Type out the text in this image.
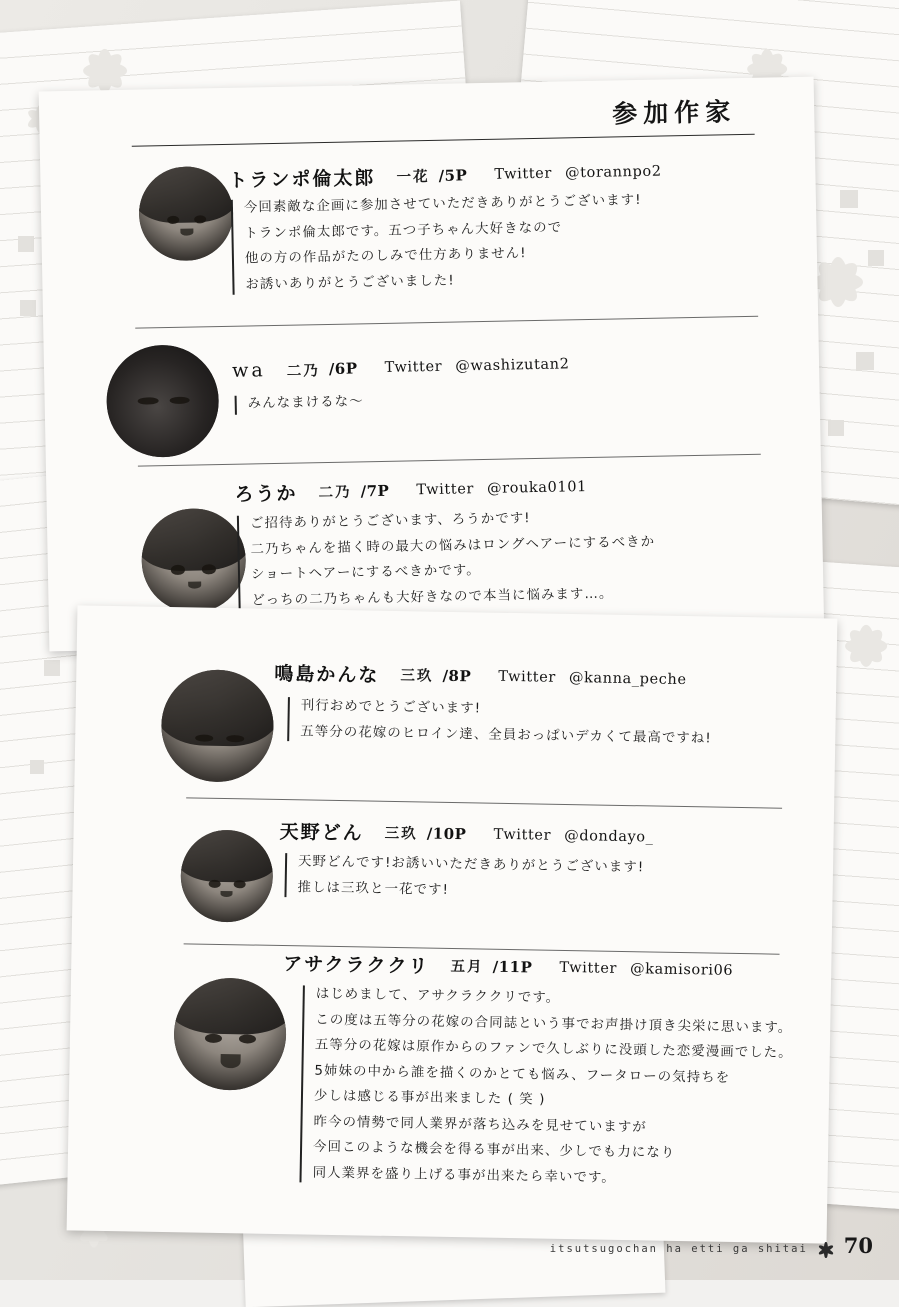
参加作家
トランポ倫太郎 一花 /5P Twitter @torannpo2

今回素敵な企画に参加させていただきありがとうございます!

トランポ倫太郎です。五つ子ちゃん大好きなので

他の方の作品がたのしみで仕方ありません!

お誘いありがとうございました!

wa 二乃 /6P Twitter @washizutan2

みんなまけるな〜

ろうか 二乃 /7P Twitter @rouka0101

ご招待ありがとうございます、ろうかです!

二乃ちゃんを描く時の最大の悩みはロングヘアーにするべきか

ショートヘアーにするべきかです。

どっちの二乃ちゃんも大好きなので本当に悩みます…。

鳴島かんな 三玖 /8P Twitter @kanna_peche

刊行おめでとうございます!

五等分の花嫁のヒロイン達、全員おっぱいデカくて最高ですね!

天野どん 三玖 /10P Twitter @dondayo_

天野どんです!お誘いいただきありがとうございます!

推しは三玖と一花です!

アサクラククリ 五月 /11P Twitter @kamisori06

はじめまして、アサクラククリです。

この度は五等分の花嫁の合同誌という事でお声掛け頂き尖栄に思います。

五等分の花嫁は原作からのファンで久しぶりに没頭した恋愛漫画でした。

5姉妹の中から誰を描くのかとても悩み、フータローの気持ちを

少しは感じる事が出来ました ( 笑 )

昨今の情勢で同人業界が落ち込みを見せていますが

今回このような機会を得る事が出来、少しでも力になり

同人業界を盛り上げる事が出来たら幸いです。

itsutsugochan ha etti ga shitai 70
